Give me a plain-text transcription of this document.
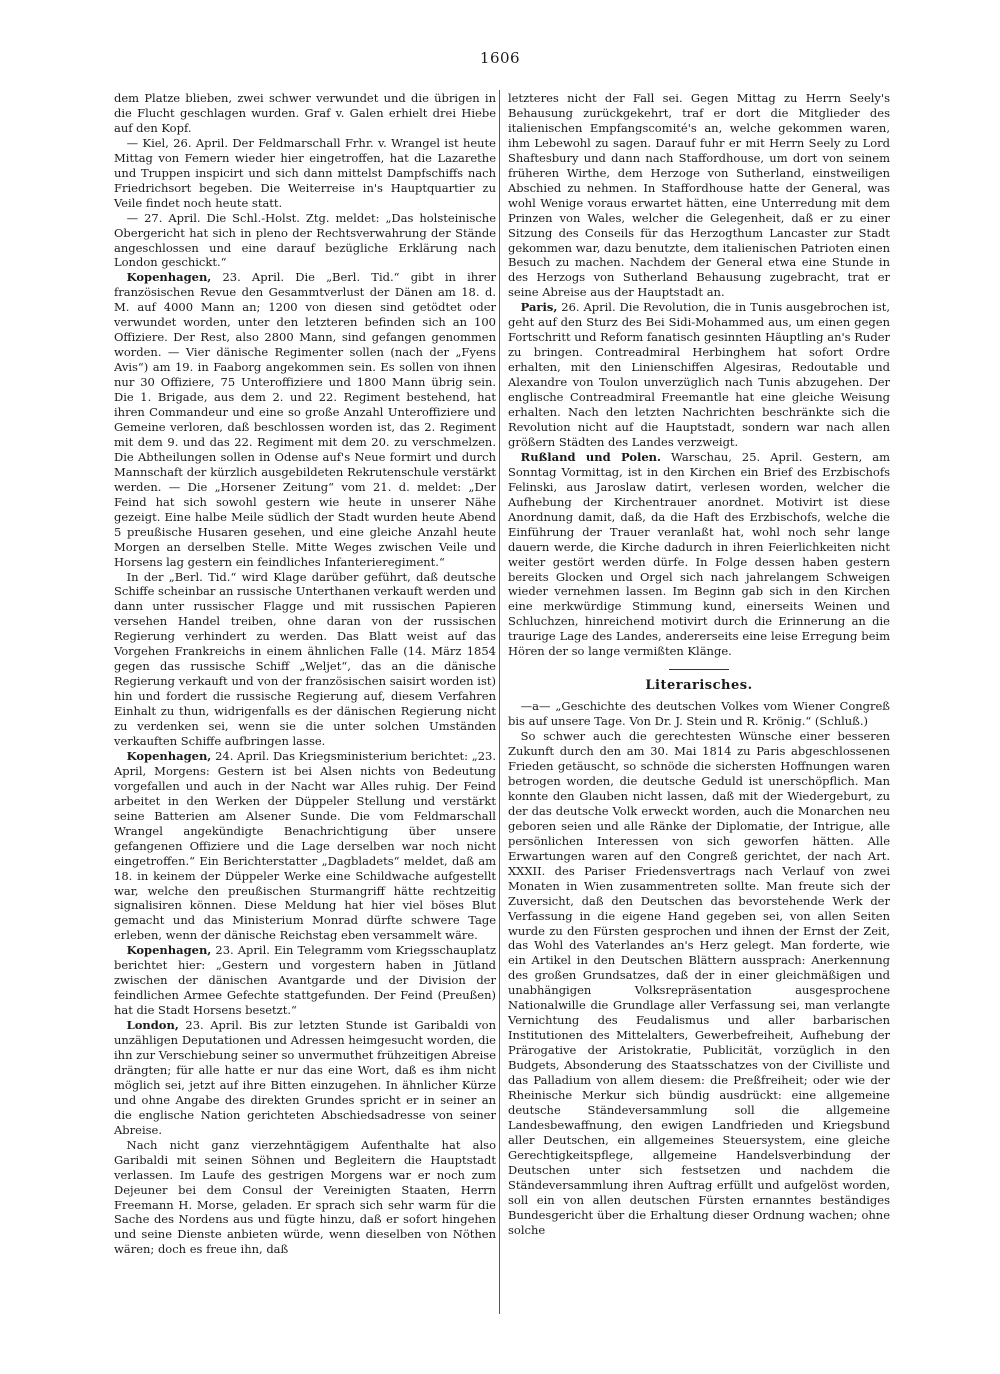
1606

dem Platze blieben, zwei schwer verwundet und die übrigen in die Flucht geschlagen wurden. Graf v. Galen erhielt drei Hiebe auf den Kopf.

— Kiel, 26. April. Der Feldmarschall Frhr. v. Wrangel ist heute Mittag von Femern wieder hier eingetroffen, hat die Lazarethe und Truppen inspicirt und sich dann mittelst Dampfschiffs nach Friedrichsort begeben. Die Weiterreise in's Hauptquartier zu Veile findet noch heute statt.

— 27. April. Die Schl.-Holst. Ztg. meldet: „Das holsteinische Obergericht hat sich in pleno der Rechtsverwahrung der Stände angeschlossen und eine darauf bezügliche Erklärung nach London geschickt.“

Kopenhagen, 23. April. Die „Berl. Tid.“ gibt in ihrer französischen Revue den Gesammtverlust der Dänen am 18. d. M. auf 4000 Mann an; 1200 von diesen sind getödtet oder verwundet worden, unter den letzteren befinden sich an 100 Offiziere. Der Rest, also 2800 Mann, sind gefangen genommen worden. — Vier dänische Regimenter sollen (nach der „Fyens Avis“) am 19. in Faaborg angekommen sein. Es sollen von ihnen nur 30 Offiziere, 75 Unteroffiziere und 1800 Mann übrig sein. Die 1. Brigade, aus dem 2. und 22. Regiment bestehend, hat ihren Commandeur und eine so große Anzahl Unteroffiziere und Gemeine verloren, daß beschlossen worden ist, das 2. Regiment mit dem 9. und das 22. Regiment mit dem 20. zu verschmelzen. Die Abtheilungen sollen in Odense auf's Neue formirt und durch Mannschaft der kürzlich ausgebildeten Rekrutenschule verstärkt werden. — Die „Horsener Zeitung“ vom 21. d. meldet: „Der Feind hat sich sowohl gestern wie heute in unserer Nähe gezeigt. Eine halbe Meile südlich der Stadt wurden heute Abend 5 preußische Husaren gesehen, und eine gleiche Anzahl heute Morgen an derselben Stelle. Mitte Weges zwischen Veile und Horsens lag gestern ein feindliches Infanterieregiment.“

In der „Berl. Tid.“ wird Klage darüber geführt, daß deutsche Schiffe scheinbar an russische Unterthanen verkauft werden und dann unter russischer Flagge und mit russischen Papieren versehen Handel treiben, ohne daran von der russischen Regierung verhindert zu werden. Das Blatt weist auf das Vorgehen Frankreichs in einem ähnlichen Falle (14. März 1854 gegen das russische Schiff „Weljet“, das an die dänische Regierung verkauft und von der französischen saisirt worden ist) hin und fordert die russische Regierung auf, diesem Verfahren Einhalt zu thun, widrigenfalls es der dänischen Regierung nicht zu verdenken sei, wenn sie die unter solchen Umständen verkauften Schiffe aufbringen lasse.

Kopenhagen, 24. April. Das Kriegsministerium berichtet: „23. April, Morgens: Gestern ist bei Alsen nichts von Bedeutung vorgefallen und auch in der Nacht war Alles ruhig. Der Feind arbeitet in den Werken der Düppeler Stellung und verstärkt seine Batterien am Alsener Sunde. Die vom Feldmarschall Wrangel angekündigte Benachrichtigung über unsere gefangenen Offiziere und die Lage derselben war noch nicht eingetroffen.“ Ein Berichterstatter „Dagbladets“ meldet, daß am 18. in keinem der Düppeler Werke eine Schildwache aufgestellt war, welche den preußischen Sturmangriff hätte rechtzeitig signalisiren können. Diese Meldung hat hier viel böses Blut gemacht und das Ministerium Monrad dürfte schwere Tage erleben, wenn der dänische Reichstag eben versammelt wäre.

Kopenhagen, 23. April. Ein Telegramm vom Kriegsschauplatz berichtet hier: „Gestern und vorgestern haben in Jütland zwischen der dänischen Avantgarde und der Division der feindlichen Armee Gefechte stattgefunden. Der Feind (Preußen) hat die Stadt Horsens besetzt.“

London, 23. April. Bis zur letzten Stunde ist Garibaldi von unzähligen Deputationen und Adressen heimgesucht worden, die ihn zur Verschiebung seiner so unvermuthet frühzeitigen Abreise drängten; für alle hatte er nur das eine Wort, daß es ihm nicht möglich sei, jetzt auf ihre Bitten einzugehen. In ähnlicher Kürze und ohne Angabe des direkten Grundes spricht er in seiner an die englische Nation gerichteten Abschiedsadresse von seiner Abreise.

Nach nicht ganz vierzehntägigem Aufenthalte hat also Garibaldi mit seinen Söhnen und Begleitern die Hauptstadt verlassen. Im Laufe des gestrigen Morgens war er noch zum Dejeuner bei dem Consul der Vereinigten Staaten, Herrn Freemann H. Morse, geladen. Er sprach sich sehr warm für die Sache des Nordens aus und fügte hinzu, daß er sofort hingehen und seine Dienste anbieten würde, wenn dieselben von Nöthen wären; doch es freue ihn, daß

letzteres nicht der Fall sei. Gegen Mittag zu Herrn Seely's Behausung zurückgekehrt, traf er dort die Mitglieder des italienischen Empfangscomité's an, welche gekommen waren, ihm Lebewohl zu sagen. Darauf fuhr er mit Herrn Seely zu Lord Shaftesbury und dann nach Staffordhouse, um dort von seinem früheren Wirthe, dem Herzoge von Sutherland, einstweiligen Abschied zu nehmen. In Staffordhouse hatte der General, was wohl Wenige voraus erwartet hätten, eine Unterredung mit dem Prinzen von Wales, welcher die Gelegenheit, daß er zu einer Sitzung des Conseils für das Herzogthum Lancaster zur Stadt gekommen war, dazu benutzte, dem italienischen Patrioten einen Besuch zu machen. Nachdem der General etwa eine Stunde in des Herzogs von Sutherland Behausung zugebracht, trat er seine Abreise aus der Hauptstadt an.

Paris, 26. April. Die Revolution, die in Tunis ausgebrochen ist, geht auf den Sturz des Bei Sidi-Mohammed aus, um einen gegen Fortschritt und Reform fanatisch gesinnten Häuptling an's Ruder zu bringen. Contreadmiral Herbinghem hat sofort Ordre erhalten, mit den Linienschiffen Algesiras, Redoutable und Alexandre von Toulon unverzüglich nach Tunis abzugehen. Der englische Contreadmiral Freemantle hat eine gleiche Weisung erhalten. Nach den letzten Nachrichten beschränkte sich die Revolution nicht auf die Hauptstadt, sondern war nach allen größern Städten des Landes verzweigt.

Rußland und Polen. Warschau, 25. April. Gestern, am Sonntag Vormittag, ist in den Kirchen ein Brief des Erzbischofs Felinski, aus Jaroslaw datirt, verlesen worden, welcher die Aufhebung der Kirchentrauer anordnet. Motivirt ist diese Anordnung damit, daß, da die Haft des Erzbischofs, welche die Einführung der Trauer veranlaßt hat, wohl noch sehr lange dauern werde, die Kirche dadurch in ihren Feierlichkeiten nicht weiter gestört werden dürfe. In Folge dessen haben gestern bereits Glocken und Orgel sich nach jahrelangem Schweigen wieder vernehmen lassen. Im Beginn gab sich in den Kirchen eine merkwürdige Stimmung kund, einerseits Weinen und Schluchzen, hinreichend motivirt durch die Erinnerung an die traurige Lage des Landes, andererseits eine leise Erregung beim Hören der so lange vermißten Klänge.

Literarisches.

—a— „Geschichte des deutschen Volkes vom Wiener Congreß bis auf unsere Tage. Von Dr. J. Stein und R. Krönig.“ (Schluß.)

So schwer auch die gerechtesten Wünsche einer besseren Zukunft durch den am 30. Mai 1814 zu Paris abgeschlossenen Frieden getäuscht, so schnöde die sichersten Hoffnungen waren betrogen worden, die deutsche Geduld ist unerschöpflich. Man konnte den Glauben nicht lassen, daß mit der Wiedergeburt, zu der das deutsche Volk erweckt worden, auch die Monarchen neu geboren seien und alle Ränke der Diplomatie, der Intrigue, alle persönlichen Interessen von sich geworfen hätten. Alle Erwartungen waren auf den Congreß gerichtet, der nach Art. XXXII. des Pariser Friedensvertrags nach Verlauf von zwei Monaten in Wien zusammentreten sollte. Man freute sich der Zuversicht, daß den Deutschen das bevorstehende Werk der Verfassung in die eigene Hand gegeben sei, von allen Seiten wurde zu den Fürsten gesprochen und ihnen der Ernst der Zeit, das Wohl des Vaterlandes an's Herz gelegt. Man forderte, wie ein Artikel in den Deutschen Blättern aussprach: Anerkennung des großen Grundsatzes, daß der in einer gleichmäßigen und unabhängigen Volksrepräsentation ausgesprochene Nationalwille die Grundlage aller Verfassung sei, man verlangte Vernichtung des Feudalismus und aller barbarischen Institutionen des Mittelalters, Gewerbefreiheit, Aufhebung der Prärogative der Aristokratie, Publicität, vorzüglich in den Budgets, Absonderung des Staatsschatzes von der Civilliste und das Palladium von allem diesem: die Preßfreiheit; oder wie der Rheinische Merkur sich bündig ausdrückt: eine allgemeine deutsche Ständeversammlung soll die allgemeine Landesbewaffnung, den ewigen Landfrieden und Kriegsbund aller Deutschen, ein allgemeines Steuersystem, eine gleiche Gerechtigkeitspflege, allgemeine Handelsverbindung der Deutschen unter sich festsetzen und nachdem die Ständeversammlung ihren Auftrag erfüllt und aufgelöst worden, soll ein von allen deutschen Fürsten ernanntes beständiges Bundesgericht über die Erhaltung dieser Ordnung wachen; ohne solche
